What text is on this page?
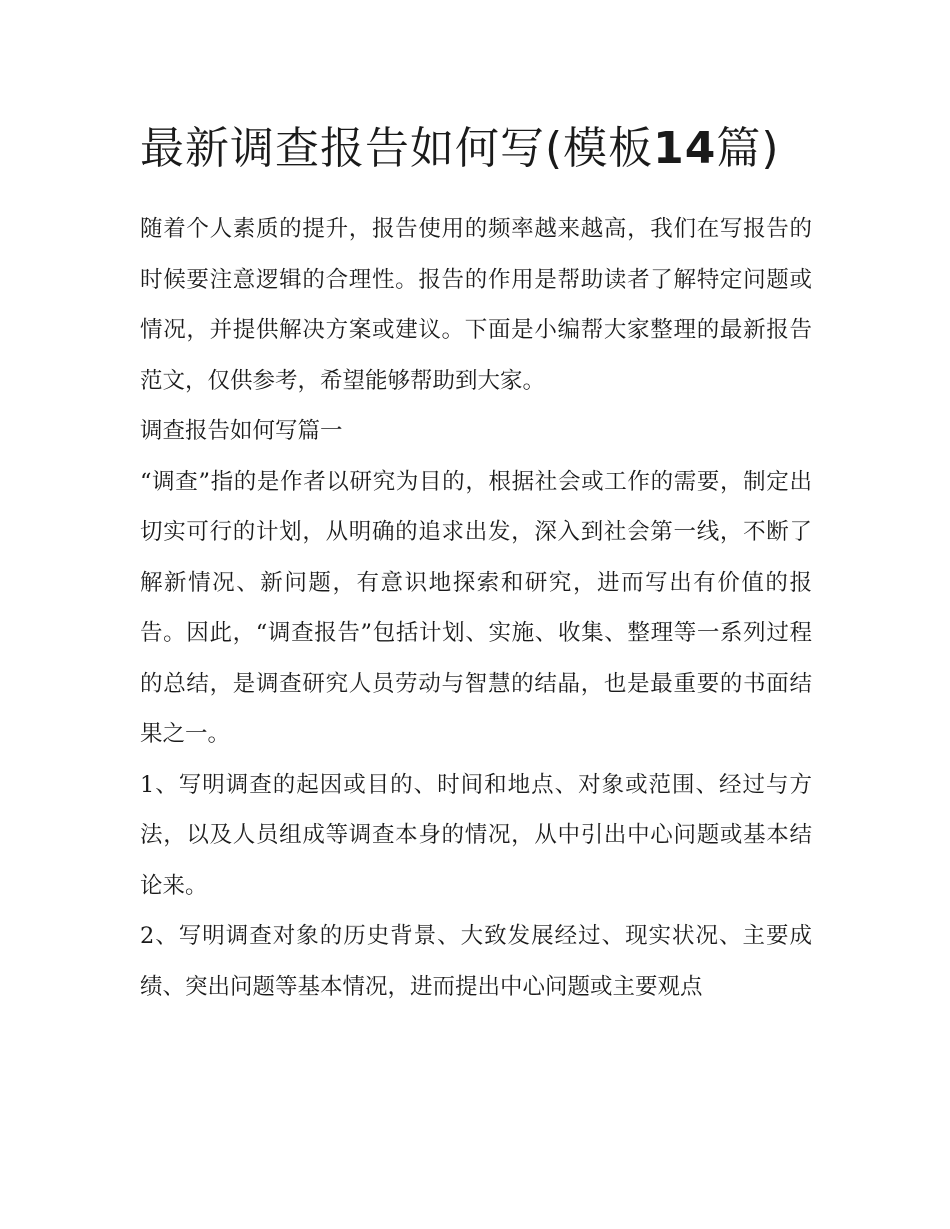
最新调查报告如何写(模板14篇)

随着个人素质的提升，报告使用的频率越来越高，我们在写报告的时候要注意逻辑的合理性。报告的作用是帮助读者了解特定问题或情况，并提供解决方案或建议。下面是小编帮大家整理的最新报告范文，仅供参考，希望能够帮助到大家。

调查报告如何写篇一

“调查”指的是作者以研究为目的，根据社会或工作的需要，制定出切实可行的计划，从明确的追求出发，深入到社会第一线，不断了解新情况、新问题，有意识地探索和研究，进而写出有价值的报告。因此，“调查报告”包括计划、实施、收集、整理等一系列过程的总结，是调查研究人员劳动与智慧的结晶，也是最重要的书面结果之一。

1、写明调查的起因或目的、时间和地点、对象或范围、经过与方法，以及人员组成等调查本身的情况，从中引出中心问题或基本结论来。

2、写明调查对象的历史背景、大致发展经过、现实状况、主要成绩、突出问题等基本情况，进而提出中心问题或主要观点
